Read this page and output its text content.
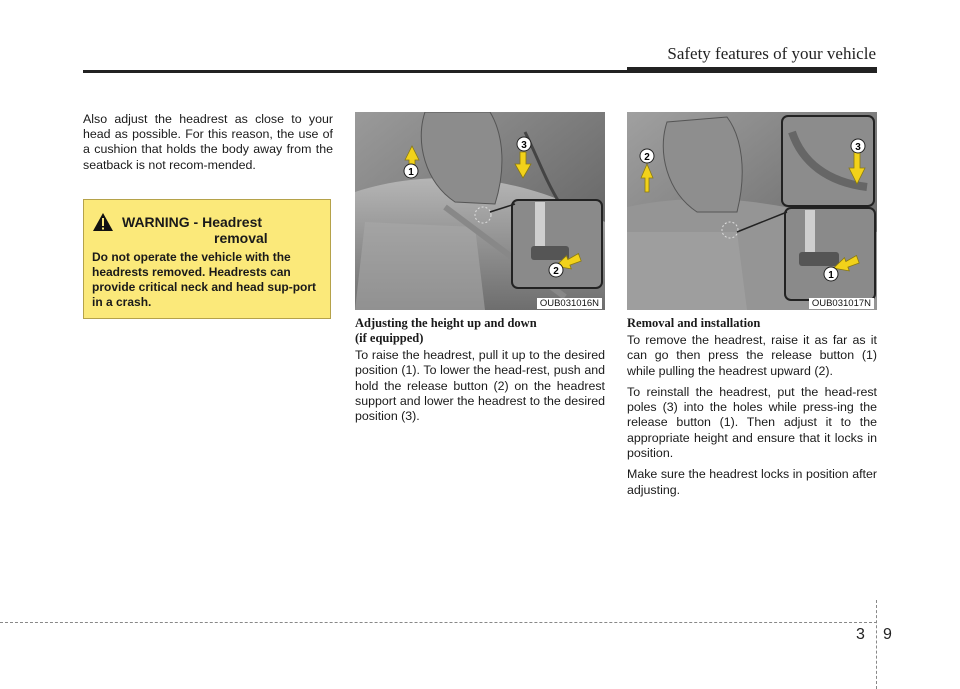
Safety features of your vehicle
Also adjust the headrest as close to your head as possible. For this reason, the use of a cushion that holds the body away from the seatback is not recom-mended.
WARNING - Headrest
removal
Do not operate the vehicle with the headrests removed. Headrests can provide critical neck and head sup-port in a crash.
1
2
3
OUB031016N
1
2
3
OUB031017N
Adjusting the height up and down
(if equipped)

To raise the headrest, pull it up to the desired position (1). To lower the head-rest, push and hold the release button (2) on the headrest support and lower the headrest to the desired position (3).

Removal and installation

To remove the headrest, raise it as far as it can go then press the release button (1) while pulling the headrest upward (2).

To reinstall the headrest, put the head-rest poles (3) into the holes while press-ing the release button (1). Then adjust it to the appropriate height and ensure that it locks in position.

Make sure the headrest locks in position after adjusting.

3 9
